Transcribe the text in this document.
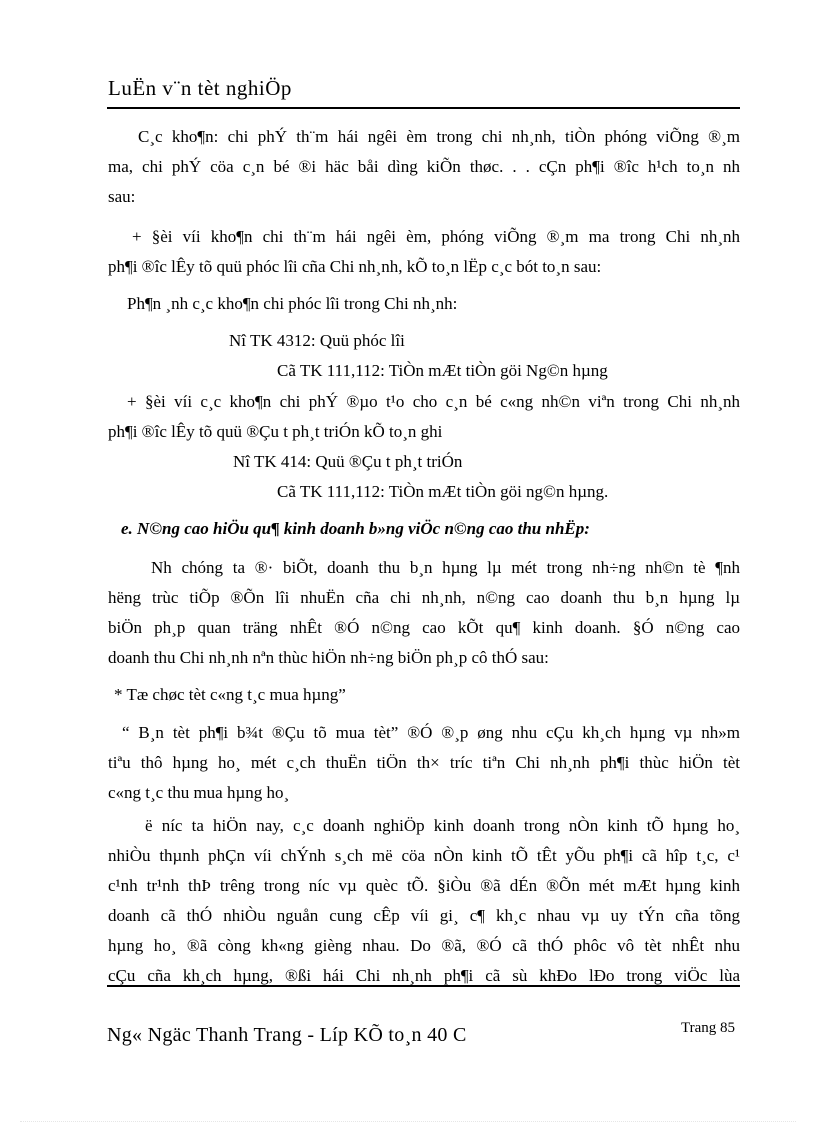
LuËn v¨n tèt nghiÖp
C¸c kho¶n: chi phÝ th¨m hái ngêi èm trong chi nh¸nh, tiÒn phóng viÕng ®¸m
ma, chi phÝ cöa c¸n bé ®i häc båi dìng kiÕn thøc. . . cÇn ph¶i ®îc h¹ch to¸n nh
sau:
+ §èi víi kho¶n chi th¨m hái ngêi èm, phóng viÕng ®¸m ma trong Chi nh¸nh
ph¶i ®îc lÊy tõ quü phóc lîi cña Chi nh¸nh, kÕ to¸n lËp c¸c bót to¸n sau:
Ph¶n ¸nh c¸c kho¶n chi phóc lîi trong Chi nh¸nh:
Nî TK 4312: Quü phóc lîi
Cã TK 111,112: TiÒn mÆt tiÒn göi Ng©n hµng
+ §èi víi c¸c kho¶n chi phÝ ®µo t¹o cho c¸n bé c«ng nh©n viªn trong Chi nh¸nh
ph¶i ®îc lÊy tõ quü ®Çu t ph¸t triÓn kÕ to¸n ghi
Nî TK 414: Quü ®Çu t ph¸t triÓn
Cã TK 111,112: TiÒn mÆt tiÒn göi ng©n hµng.
e. N©ng cao hiÖu qu¶ kinh doanh b»ng viÖc n©ng cao thu nhËp:
Nh chóng ta ®· biÕt, doanh thu b¸n hµng lµ mét trong nh÷ng nh©n tè ¶nh
hëng trùc tiÕp ®Õn lîi nhuËn cña chi nh¸nh, n©ng cao doanh thu b¸n hµng lµ
biÖn ph¸p quan träng nhÊt ®Ó n©ng cao kÕt qu¶ kinh doanh. §Ó n©ng cao
doanh thu Chi nh¸nh nªn thùc hiÖn nh÷ng biÖn ph¸p cô thÓ sau:
* Tæ chøc tèt c«ng t¸c mua hµng”
“ B¸n tèt ph¶i b¾t ®Çu tõ mua tèt” ®Ó ®¸p øng nhu cÇu kh¸ch hµng vµ nh»m
tiªu thô hµng ho¸ mét c¸ch thuËn tiÖn th× tríc tiªn Chi nh¸nh ph¶i thùc hiÖn tèt
c«ng t¸c thu mua hµng ho¸
ë níc ta hiÖn nay, c¸c doanh nghiÖp kinh doanh trong nÒn kinh tÕ hµng ho¸
nhiÒu thµnh phÇn víi chÝnh s¸ch më cöa nÒn kinh tÕ tÊt yÕu ph¶i cã hîp t¸c, c¹
c¹nh tr¹nh thÞ trêng trong níc vµ quèc tÕ. §iÒu ®ã dÉn ®Õn mét mÆt hµng kinh
doanh cã thÓ nhiÒu nguån cung cÊp víi gi¸ c¶ kh¸c nhau vµ uy tÝn cña tõng
hµng ho¸ ®ã còng kh«ng gièng nhau. Do ®ã, ®Ó cã thÓ phôc vô tèt nhÊt nhu
cÇu cña kh¸ch hµng, ®ßi hái Chi nh¸nh ph¶i cã sù khÐo lÐo trong viÖc lùa
Ng« Ngäc Thanh Trang - Líp KÕ to¸n 40 C	Trang 85
